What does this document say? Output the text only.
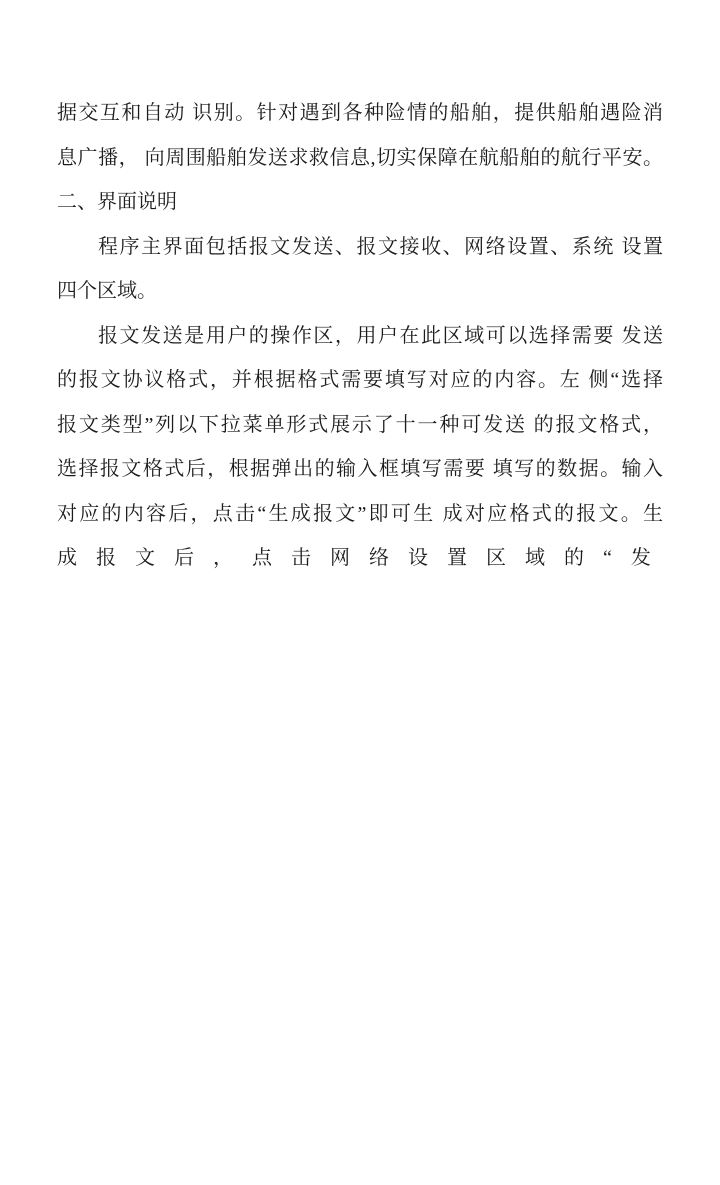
据交互和自动 识别。针对遇到各种险情的船舶，提供船舶遇险消
息广播， 向周围船舶发送求救信息,切实保障在航船舶的航行平安。
二、界面说明
程序主界面包括报文发送、报文接收、网络设置、系统 设置
四个区域。
报文发送是用户的操作区，用户在此区域可以选择需要 发送
的报文协议格式，并根据格式需要填写对应的内容。左 侧“选择
报文类型”列以下拉菜单形式展示了十一种可发送 的报文格式，
选择报文格式后，根据弹出的输入框填写需要 填写的数据。输入
对应的内容后，点击“生成报文”即可生 成对应格式的报文。生
成报文后，点击网络设置区域的“发
